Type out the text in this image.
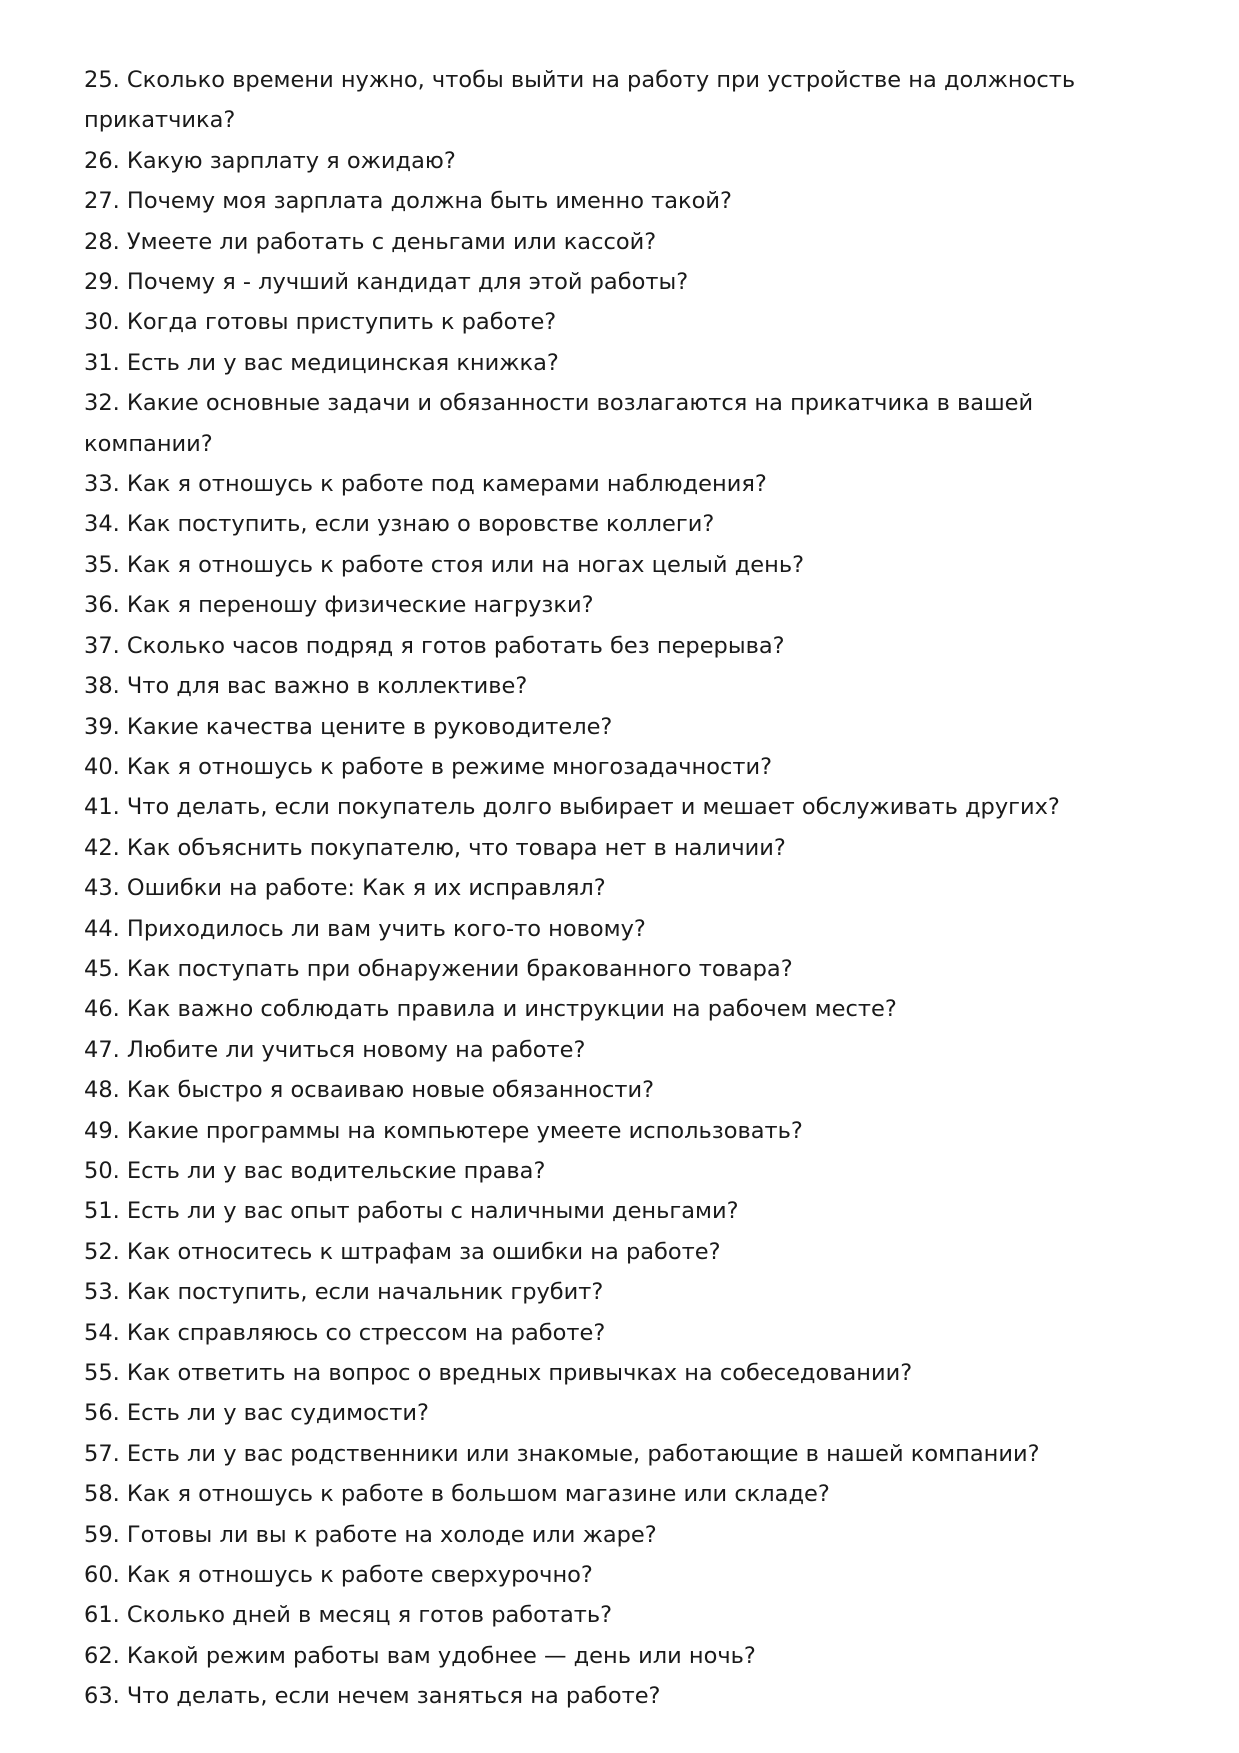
25. Сколько времени нужно, чтобы выйти на работу при устройстве на должность прикатчика?
26. Какую зарплату я ожидаю?
27. Почему моя зарплата должна быть именно такой?
28. Умеете ли работать с деньгами или кассой?
29. Почему я - лучший кандидат для этой работы?
30. Когда готовы приступить к работе?
31. Есть ли у вас медицинская книжка?
32. Какие основные задачи и обязанности возлагаются на прикатчика в вашей компании?
33. Как я отношусь к работе под камерами наблюдения?
34. Как поступить, если узнаю о воровстве коллеги?
35. Как я отношусь к работе стоя или на ногах целый день?
36. Как я переношу физические нагрузки?
37. Сколько часов подряд я готов работать без перерыва?
38. Что для вас важно в коллективе?
39. Какие качества цените в руководителе?
40. Как я отношусь к работе в режиме многозадачности?
41. Что делать, если покупатель долго выбирает и мешает обслуживать других?
42. Как объяснить покупателю, что товара нет в наличии?
43. Ошибки на работе: Как я их исправлял?
44. Приходилось ли вам учить кого-то новому?
45. Как поступать при обнаружении бракованного товара?
46. Как важно соблюдать правила и инструкции на рабочем месте?
47. Любите ли учиться новому на работе?
48. Как быстро я осваиваю новые обязанности?
49. Какие программы на компьютере умеете использовать?
50. Есть ли у вас водительские права?
51. Есть ли у вас опыт работы с наличными деньгами?
52. Как относитесь к штрафам за ошибки на работе?
53. Как поступить, если начальник грубит?
54. Как справляюсь со стрессом на работе?
55. Как ответить на вопрос о вредных привычках на собеседовании?
56. Есть ли у вас судимости?
57. Есть ли у вас родственники или знакомые, работающие в нашей компании?
58. Как я отношусь к работе в большом магазине или складе?
59. Готовы ли вы к работе на холоде или жаре?
60. Как я отношусь к работе сверхурочно?
61. Сколько дней в месяц я готов работать?
62. Какой режим работы вам удобнее — день или ночь?
63. Что делать, если нечем заняться на работе?
